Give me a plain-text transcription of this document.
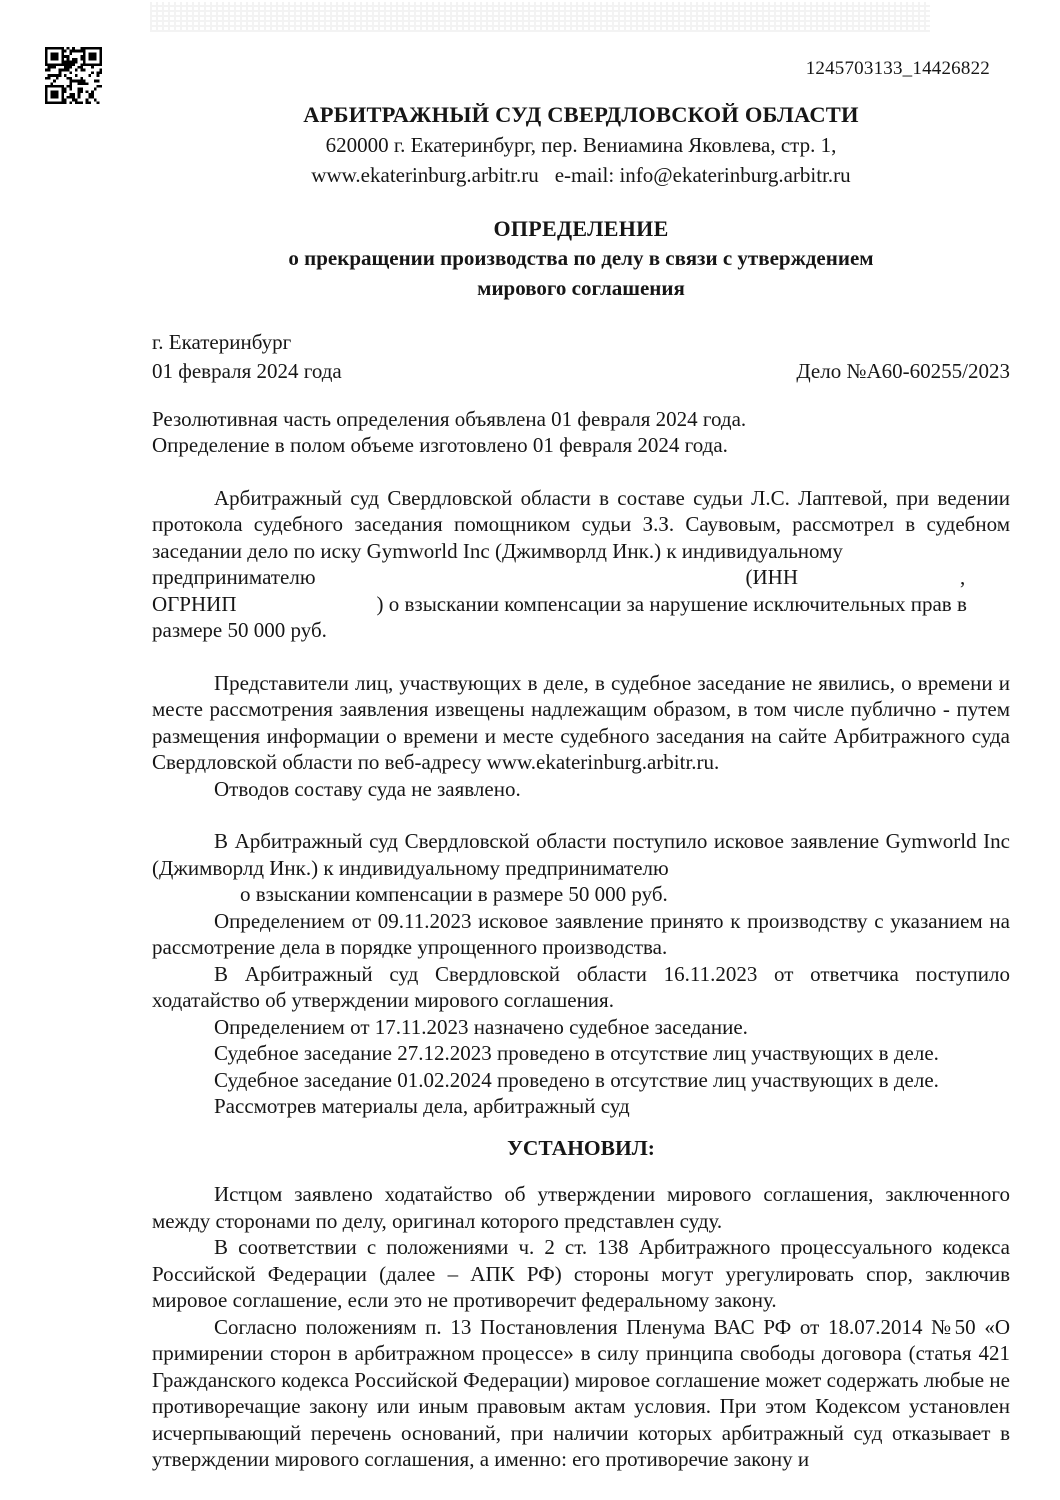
1245703133_14426822
АРБИТРАЖНЫЙ СУД СВЕРДЛОВСКОЙ ОБЛАСТИ
620000 г. Екатеринбург, пер. Вениамина Яковлева, стр. 1,
www.ekaterinburg.arbitr.ru e-mail: info@ekaterinburg.arbitr.ru
ОПРЕДЕЛЕНИЕ
о прекращении производства по делу в связи с утверждением
мирового соглашения
г. Екатеринбург
01 февраля 2024 года	Дело №А60-60255/2023
Резолютивная часть определения объявлена 01 февраля 2024 года.
Определение в полом объеме изготовлено 01 февраля 2024 года.
Арбитражный суд Свердловской области в составе судьи Л.С. Лаптевой, при ведении протокола судебного заседания помощником судьи З.З. Саувовым, рассмотрел в судебном заседании дело по иску Gymworld Inc (Джимворлд Инк.) к индивидуальному
предпринимателю	(ИНН	,
ОГРНИП	) о взыскании компенсации за нарушение исключительных прав в
размере 50 000 руб.
Представители лиц, участвующих в деле, в судебное заседание не явились, о времени и месте рассмотрения заявления извещены надлежащим образом, в том числе публично - путем размещения информации о времени и месте судебного заседания на сайте Арбитражного суда Свердловской области по веб-адресу www.ekaterinburg.arbitr.ru.
Отводов составу суда не заявлено.
В Арбитражный суд Свердловской области поступило исковое заявление Gymworld Inc (Джимворлд Инк.) к индивидуальному предпринимателю
о взыскании компенсации в размере 50 000 руб.
Определением от 09.11.2023 исковое заявление принято к производству с указанием на рассмотрение дела в порядке упрощенного производства.
В Арбитражный суд Свердловской области 16.11.2023 от ответчика поступило ходатайство об утверждении мирового соглашения.
Определением от 17.11.2023 назначено судебное заседание.
Судебное заседание 27.12.2023 проведено в отсутствие лиц участвующих в деле.
Судебное заседание 01.02.2024 проведено в отсутствие лиц участвующих в деле.
Рассмотрев материалы дела, арбитражный суд
УСТАНОВИЛ:
Истцом заявлено ходатайство об утверждении мирового соглашения, заключенного между сторонами по делу, оригинал которого представлен суду.
В соответствии с положениями ч. 2 ст. 138 Арбитражного процессуального кодекса Российской Федерации (далее – АПК РФ) стороны могут урегулировать спор, заключив мировое соглашение, если это не противоречит федеральному закону.
Согласно положениям п. 13 Постановления Пленума ВАС РФ от 18.07.2014 №50 «О примирении сторон в арбитражном процессе» в силу принципа свободы договора (статья 421 Гражданского кодекса Российской Федерации) мировое соглашение может содержать любые не противоречащие закону или иным правовым актам условия. При этом Кодексом установлен исчерпывающий перечень оснований, при наличии которых арбитражный суд отказывает в утверждении мирового соглашения, а именно: его противоречие закону и
